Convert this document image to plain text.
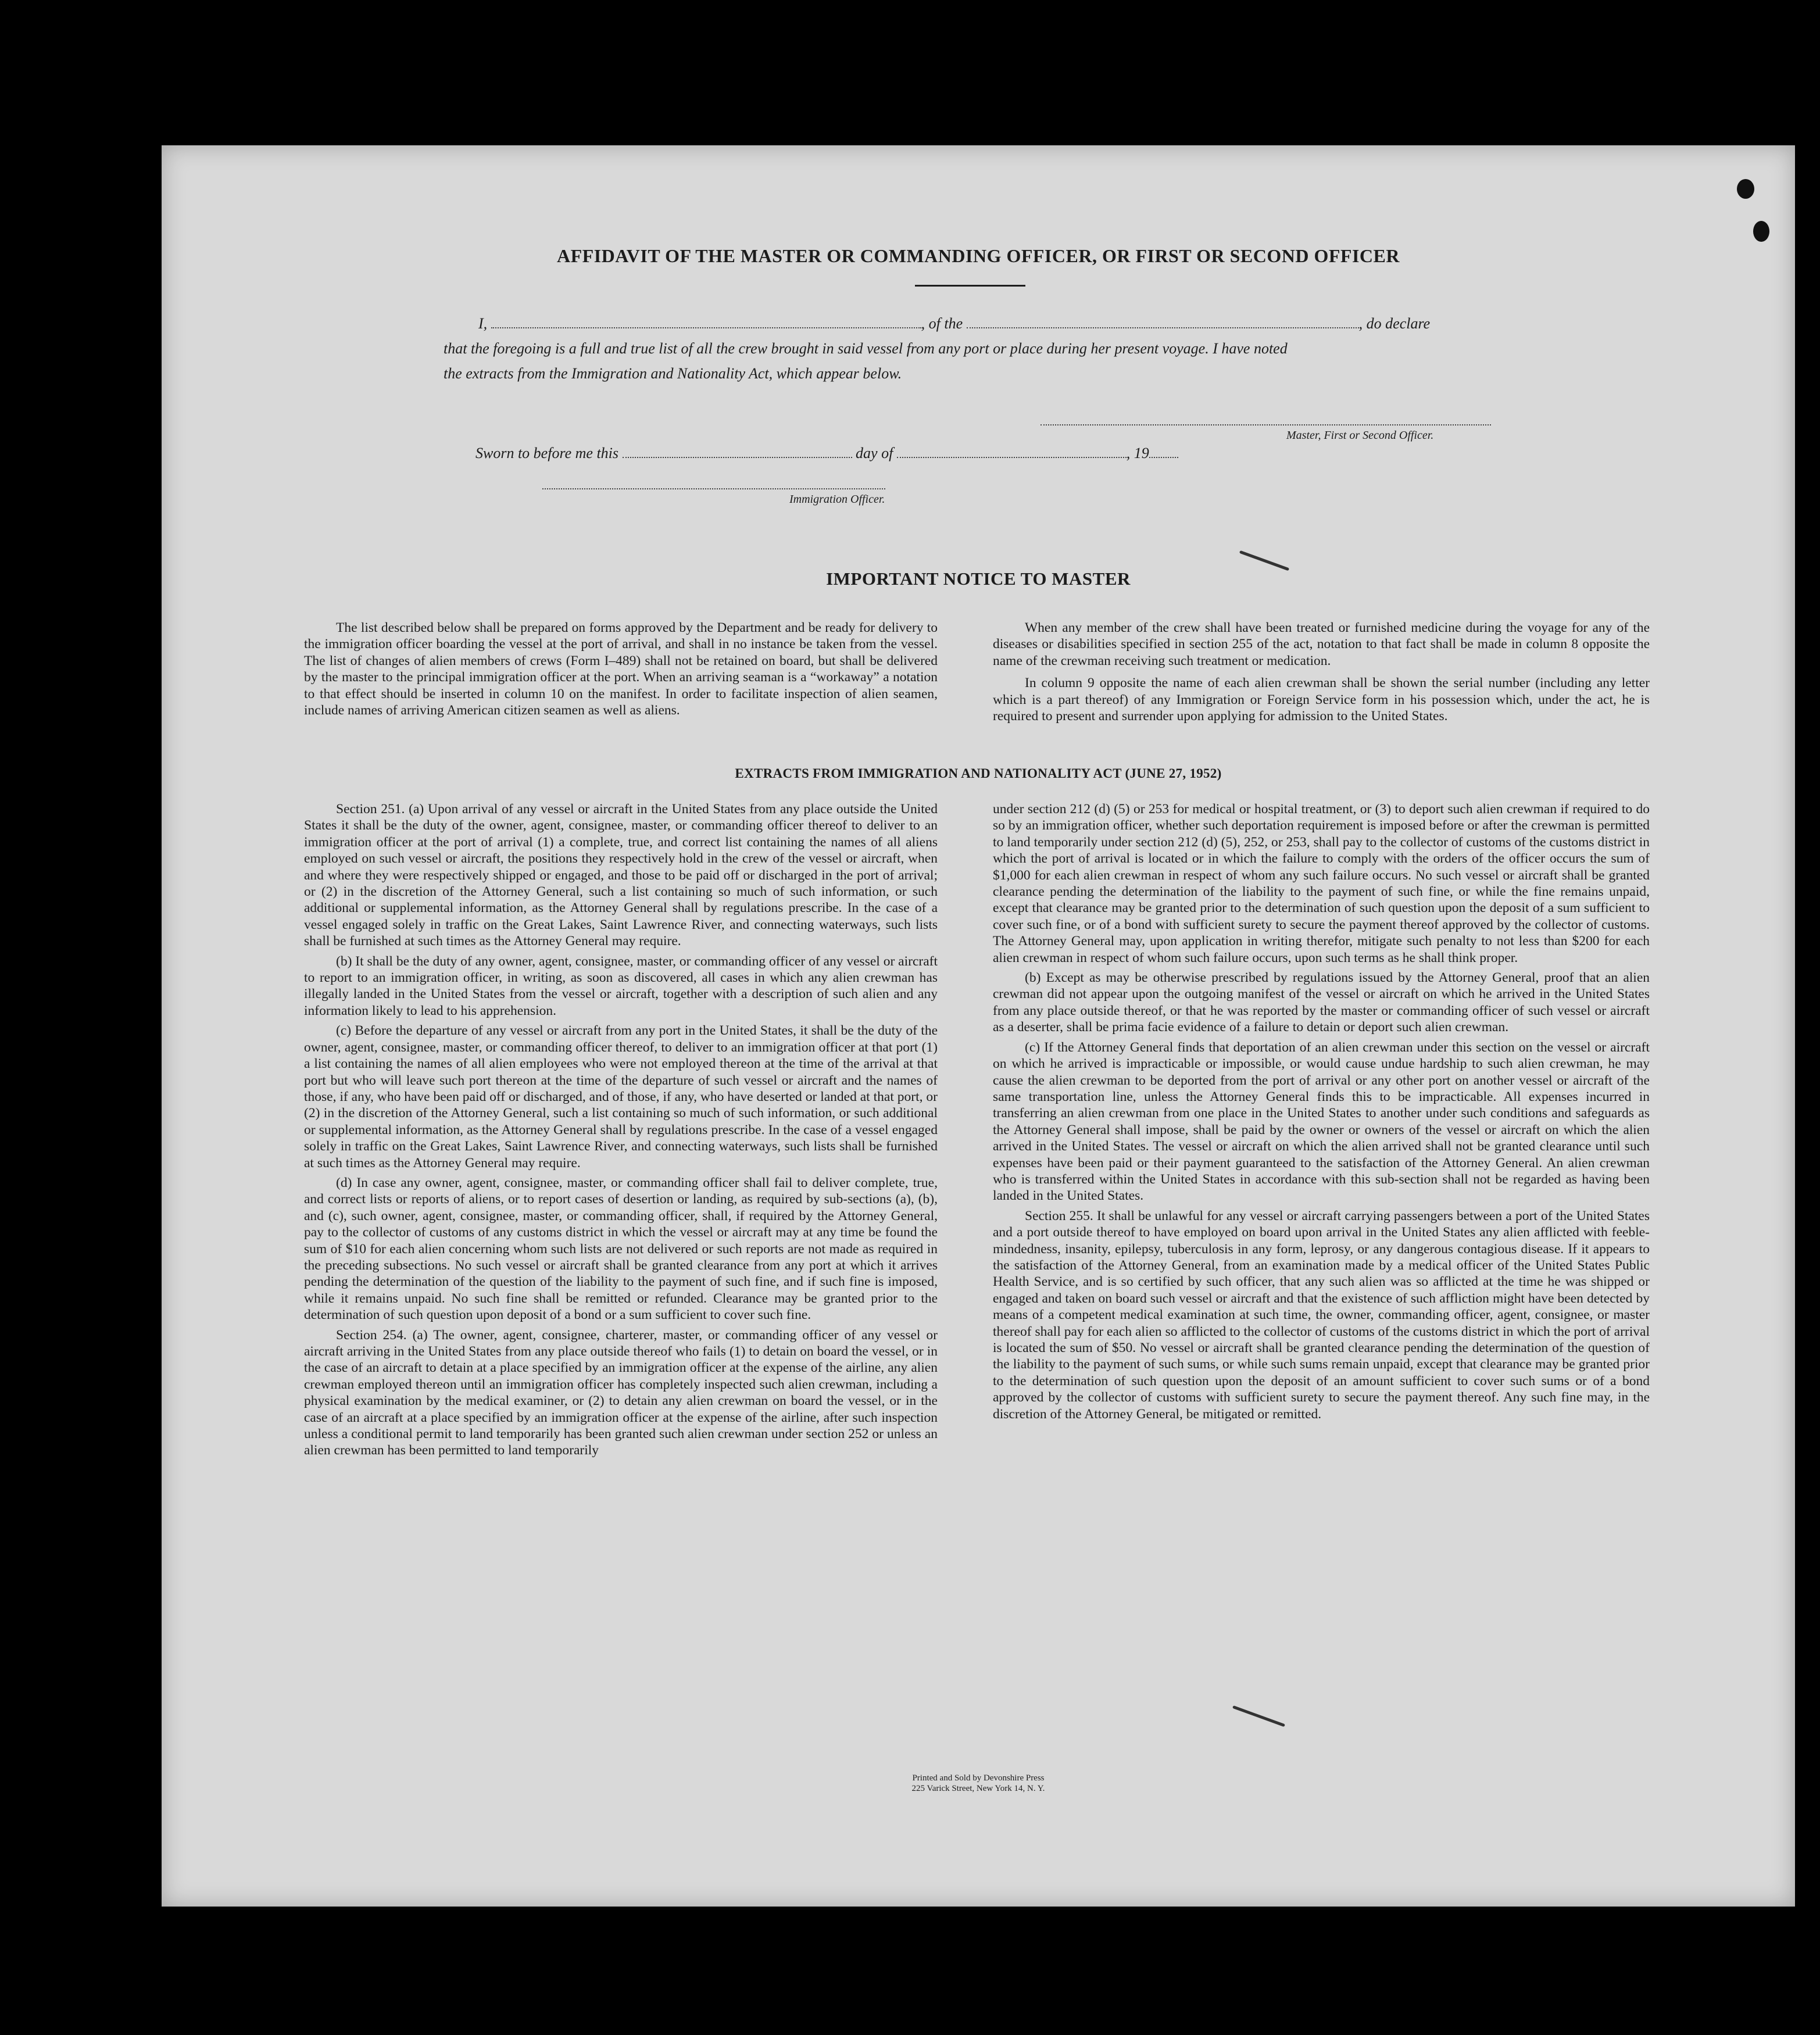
AFFIDAVIT OF THE MASTER OR COMMANDING OFFICER, OR FIRST OR SECOND OFFICER
I,	, of the	, do declare
that the foregoing is a full and true list of all the crew brought in said vessel from any port or place during her present voyage. I have noted
the extracts from the Immigration and Nationality Act, which appear below.
Master, First or Second Officer.
Sworn to before me this	day of	, 19
Immigration Officer.
IMPORTANT NOTICE TO MASTER

The list described below shall be prepared on forms approved by the Department and be ready for delivery to the immigration officer boarding the vessel at the port of arrival, and shall in no instance be taken from the vessel. The list of changes of alien members of crews (Form I–489) shall not be retained on board, but shall be delivered by the master to the principal immigration officer at the port. When an arriving seaman is a “workaway” a notation to that effect should be inserted in column 10 on the manifest. In order to facilitate inspection of alien seamen, include names of arriving American citizen seamen as well as aliens.

When any member of the crew shall have been treated or furnished medicine during the voyage for any of the diseases or disabilities specified in section 255 of the act, notation to that fact shall be made in column 8 opposite the name of the crewman receiving such treatment or medication.

In column 9 opposite the name of each alien crewman shall be shown the serial number (including any letter which is a part thereof) of any Immigration or Foreign Service form in his possession which, under the act, he is required to present and surrender upon applying for admission to the United States.

EXTRACTS FROM IMMIGRATION AND NATIONALITY ACT (JUNE 27, 1952)

Section 251. (a) Upon arrival of any vessel or aircraft in the United States from any place outside the United States it shall be the duty of the owner, agent, consignee, master, or commanding officer thereof to deliver to an immigration officer at the port of arrival (1) a complete, true, and correct list containing the names of all aliens employed on such vessel or aircraft, the positions they respectively hold in the crew of the vessel or aircraft, when and where they were respectively shipped or engaged, and those to be paid off or discharged in the port of arrival; or (2) in the discretion of the Attorney General, such a list containing so much of such information, or such additional or supplemental information, as the Attorney General shall by regulations prescribe. In the case of a vessel engaged solely in traffic on the Great Lakes, Saint Lawrence River, and connecting waterways, such lists shall be furnished at such times as the Attorney General may require.

(b) It shall be the duty of any owner, agent, consignee, master, or commanding officer of any vessel or aircraft to report to an immigration officer, in writing, as soon as discovered, all cases in which any alien crewman has illegally landed in the United States from the vessel or aircraft, together with a description of such alien and any information likely to lead to his apprehension.

(c) Before the departure of any vessel or aircraft from any port in the United States, it shall be the duty of the owner, agent, consignee, master, or commanding officer thereof, to deliver to an immigration officer at that port (1) a list containing the names of all alien employees who were not employed thereon at the time of the arrival at that port but who will leave such port thereon at the time of the departure of such vessel or aircraft and the names of those, if any, who have been paid off or discharged, and of those, if any, who have deserted or landed at that port, or (2) in the discretion of the Attorney General, such a list containing so much of such information, or such additional or supplemental information, as the Attorney General shall by regulations prescribe. In the case of a vessel engaged solely in traffic on the Great Lakes, Saint Lawrence River, and connecting waterways, such lists shall be furnished at such times as the Attorney General may require.

(d) In case any owner, agent, consignee, master, or commanding officer shall fail to deliver complete, true, and correct lists or reports of aliens, or to report cases of desertion or landing, as required by sub-sections (a), (b), and (c), such owner, agent, consignee, master, or commanding officer, shall, if required by the Attorney General, pay to the collector of customs of any customs district in which the vessel or aircraft may at any time be found the sum of $10 for each alien concerning whom such lists are not delivered or such reports are not made as required in the preceding subsections. No such vessel or aircraft shall be granted clearance from any port at which it arrives pending the determination of the question of the liability to the payment of such fine, and if such fine is imposed, while it remains unpaid. No such fine shall be remitted or refunded. Clearance may be granted prior to the determination of such question upon deposit of a bond or a sum sufficient to cover such fine.

Section 254. (a) The owner, agent, consignee, charterer, master, or commanding officer of any vessel or aircraft arriving in the United States from any place outside thereof who fails (1) to detain on board the vessel, or in the case of an aircraft to detain at a place specified by an immigration officer at the expense of the airline, any alien crewman employed thereon until an immigration officer has completely inspected such alien crewman, including a physical examination by the medical examiner, or (2) to detain any alien crewman on board the vessel, or in the case of an aircraft at a place specified by an immigration officer at the expense of the airline, after such inspection unless a conditional permit to land temporarily has been granted such alien crewman under section 252 or unless an alien crewman has been permitted to land temporarily

under section 212 (d) (5) or 253 for medical or hospital treatment, or (3) to deport such alien crewman if required to do so by an immigration officer, whether such deportation requirement is imposed before or after the crewman is permitted to land temporarily under section 212 (d) (5), 252, or 253, shall pay to the collector of customs of the customs district in which the port of arrival is located or in which the failure to comply with the orders of the officer occurs the sum of $1,000 for each alien crewman in respect of whom any such failure occurs. No such vessel or aircraft shall be granted clearance pending the determination of the liability to the payment of such fine, or while the fine remains unpaid, except that clearance may be granted prior to the determination of such question upon the deposit of a sum sufficient to cover such fine, or of a bond with sufficient surety to secure the payment thereof approved by the collector of customs. The Attorney General may, upon application in writing therefor, mitigate such penalty to not less than $200 for each alien crewman in respect of whom such failure occurs, upon such terms as he shall think proper.

(b) Except as may be otherwise prescribed by regulations issued by the Attorney General, proof that an alien crewman did not appear upon the outgoing manifest of the vessel or aircraft on which he arrived in the United States from any place outside thereof, or that he was reported by the master or commanding officer of such vessel or aircraft as a deserter, shall be prima facie evidence of a failure to detain or deport such alien crewman.

(c) If the Attorney General finds that deportation of an alien crewman under this section on the vessel or aircraft on which he arrived is impracticable or impossible, or would cause undue hardship to such alien crewman, he may cause the alien crewman to be deported from the port of arrival or any other port on another vessel or aircraft of the same transportation line, unless the Attorney General finds this to be impracticable. All expenses incurred in transferring an alien crewman from one place in the United States to another under such conditions and safeguards as the Attorney General shall impose, shall be paid by the owner or owners of the vessel or aircraft on which the alien arrived in the United States. The vessel or aircraft on which the alien arrived shall not be granted clearance until such expenses have been paid or their payment guaranteed to the satisfaction of the Attorney General. An alien crewman who is transferred within the United States in accordance with this sub-section shall not be regarded as having been landed in the United States.

Section 255. It shall be unlawful for any vessel or aircraft carrying passengers between a port of the United States and a port outside thereof to have employed on board upon arrival in the United States any alien afflicted with feeble-mindedness, insanity, epilepsy, tuberculosis in any form, leprosy, or any dangerous contagious disease. If it appears to the satisfaction of the Attorney General, from an examination made by a medical officer of the United States Public Health Service, and is so certified by such officer, that any such alien was so afflicted at the time he was shipped or engaged and taken on board such vessel or aircraft and that the existence of such affliction might have been detected by means of a competent medical examination at such time, the owner, commanding officer, agent, consignee, or master thereof shall pay for each alien so afflicted to the collector of customs of the customs district in which the port of arrival is located the sum of $50. No vessel or aircraft shall be granted clearance pending the determination of the question of the liability to the payment of such sums, or while such sums remain unpaid, except that clearance may be granted prior to the determination of such question upon the deposit of an amount sufficient to cover such sums or of a bond approved by the collector of customs with sufficient surety to secure the payment thereof. Any such fine may, in the discretion of the Attorney General, be mitigated or remitted.

Printed and Sold by Devonshire Press
225 Varick Street, New York 14, N. Y.
